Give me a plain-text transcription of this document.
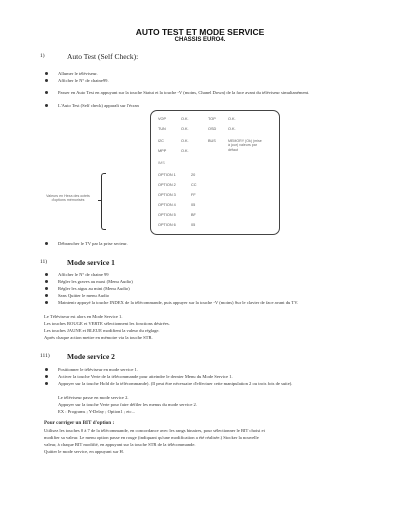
AUTO TEST ET MODE SERVICE
CHASSIS EURO4.
1)	Auto Test (Self Check):
Allumer le téléviseur.
Afficher le N° de chaine99.
Passer en Auto Test en appuyant sur la touche Statut et la touche -V (moins, Chanel Down) de la face avant du téléviseur simultanément.
L'Auto Test (Self check) apparaît sur l'écran
VOP	O.K.	TOP	O.K.
TUN	O.K.	OSD	O.K.
I2C	O.K.	BUS	MEMORY (Ok) (mise à jour) valeurs par défaut
MPP	O.K.
IMS
OPTION 1	20
OPTION 2	CC
OPTION 3	FF
OPTION 4	05
OPTION 5	BF
OPTION 6	05
Valeurs en Hexa des octets d'options mémorisés
Débrancher le TV par la prise secteur.
11)	Mode service 1
Afficher le N° de chaine 99
Régler les graves au maxi (Menu Audio)
Régler les aigus au mini (Menu Audio)
Sans Quitter le menu Audio
Maintenir appuyé la touche INDEX de la télécommande, puis appuyer sur la touche -V (moins) Sur le clavier de face avant du TV.
Le Téléviseur est alors en Mode Service 1.
Les touches ROUGE et VERTE sélectionnent les fonctions désirées.
Les touches JAUNE et BLEUE modifient la valeur du réglage.
Après chaque action mettre en mémoire via la touche STR.
111) Mode service 2
Positionner le téléviseur en mode service 1.
Activer la touche Verte de la télécommande pour atteindre le dernier Menu du Mode Service 1.
Appuyer sur la touche Hold de la télécommande). (Il peut être nécessaire d'effectuer cette manipulation 2 ou trois fois de suite).
Le téléviseur passe en mode service 2.
Appuyer sur la touche Verte pour faire défiler les menus du mode service 2.
EX : Programs ; Y-Delay ; Option1 ; etc...
Pour corriger un BIT d'option :
Utilisez les touches 0 à 7 de la télécommande, en concordance avec les rangs binaires, pour sélectionner le BIT choisi et
modifier sa valeur. Le menu option passe en rouge (indiquant qu'une modification a été réalisée.) Stocker la nouvelle
valeur, à chaque BIT modifié, en appuyant sur la touche STR de la télécommande.
Quitter le mode service, en appuyant sur H.
